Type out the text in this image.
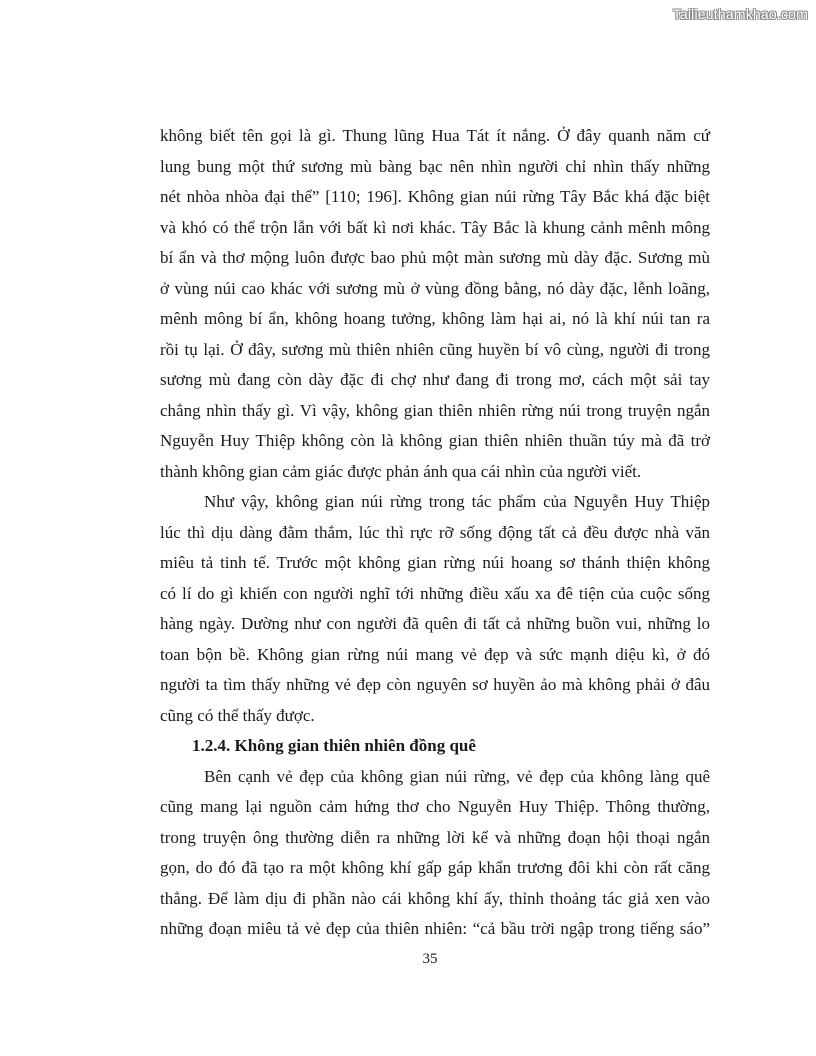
Tailieuthamkhao.com
không biết tên gọi là gì. Thung lũng Hua Tát ít nắng. Ở đây quanh năm cứ
lung bung một thứ sương mù bàng bạc nên nhìn người chỉ nhìn thấy những
nét nhòa nhòa đại thể” [110; 196]. Không gian núi rừng Tây Bắc khá đặc biệt
và khó có thể trộn lẫn với bất kì nơi khác. Tây Bắc là khung cảnh mênh mông
bí ẩn và thơ mộng luôn được bao phủ một màn sương mù dày đặc. Sương mù
ở vùng núi cao khác với sương mù ở vùng đồng bằng, nó dày đặc, lễnh loãng,
mênh mông bí ẩn, không hoang tưởng, không làm hại ai, nó là khí núi tan ra
rồi tụ lại. Ở đây, sương mù thiên nhiên cũng huyền bí vô cùng, người đi trong
sương mù đang còn dày đặc đi chợ như đang đi trong mơ, cách một sải tay
chẳng nhìn thấy gì. Vì vậy, không gian thiên nhiên rừng núi trong truyện ngắn
Nguyễn Huy Thiệp không còn là không gian thiên nhiên thuần túy mà đã trở
thành không gian cảm giác được phản ánh qua cái nhìn của người viết.
Như vậy, không gian núi rừng trong tác phẩm của Nguyễn Huy Thiệp
lúc thì dịu dàng đằm thắm, lúc thì rực rỡ sống động tất cả đều được nhà văn
miêu tả tinh tế. Trước một không gian rừng núi hoang sơ thánh thiện không
có lí do gì khiến con người nghĩ tới những điều xấu xa đê tiện của cuộc sống
hàng ngày. Dường như con người đã quên đi tất cả những buồn vui, những lo
toan bộn bề. Không gian rừng núi mang vẻ đẹp và sức mạnh diệu kì, ở đó
người ta tìm thấy những vẻ đẹp còn nguyên sơ huyền ảo mà không phải ở đâu
cũng có thể thấy được.
1.2.4. Không gian thiên nhiên đồng quê
Bên cạnh vẻ đẹp của không gian núi rừng, vẻ đẹp của không làng quê
cũng mang lại nguồn cảm hứng thơ cho Nguyễn Huy Thiệp. Thông thường,
trong truyện ông thường diễn ra những lời kể và những đoạn hội thoại ngắn
gọn, do đó đã tạo ra một không khí gấp gáp khẩn trương đôi khi còn rất căng
thẳng. Để làm dịu đi phần nào cái không khí ấy, thỉnh thoảng tác giả xen vào
những đoạn miêu tả vẻ đẹp của thiên nhiên: “cả bầu trời ngập trong tiếng sáo”
35
